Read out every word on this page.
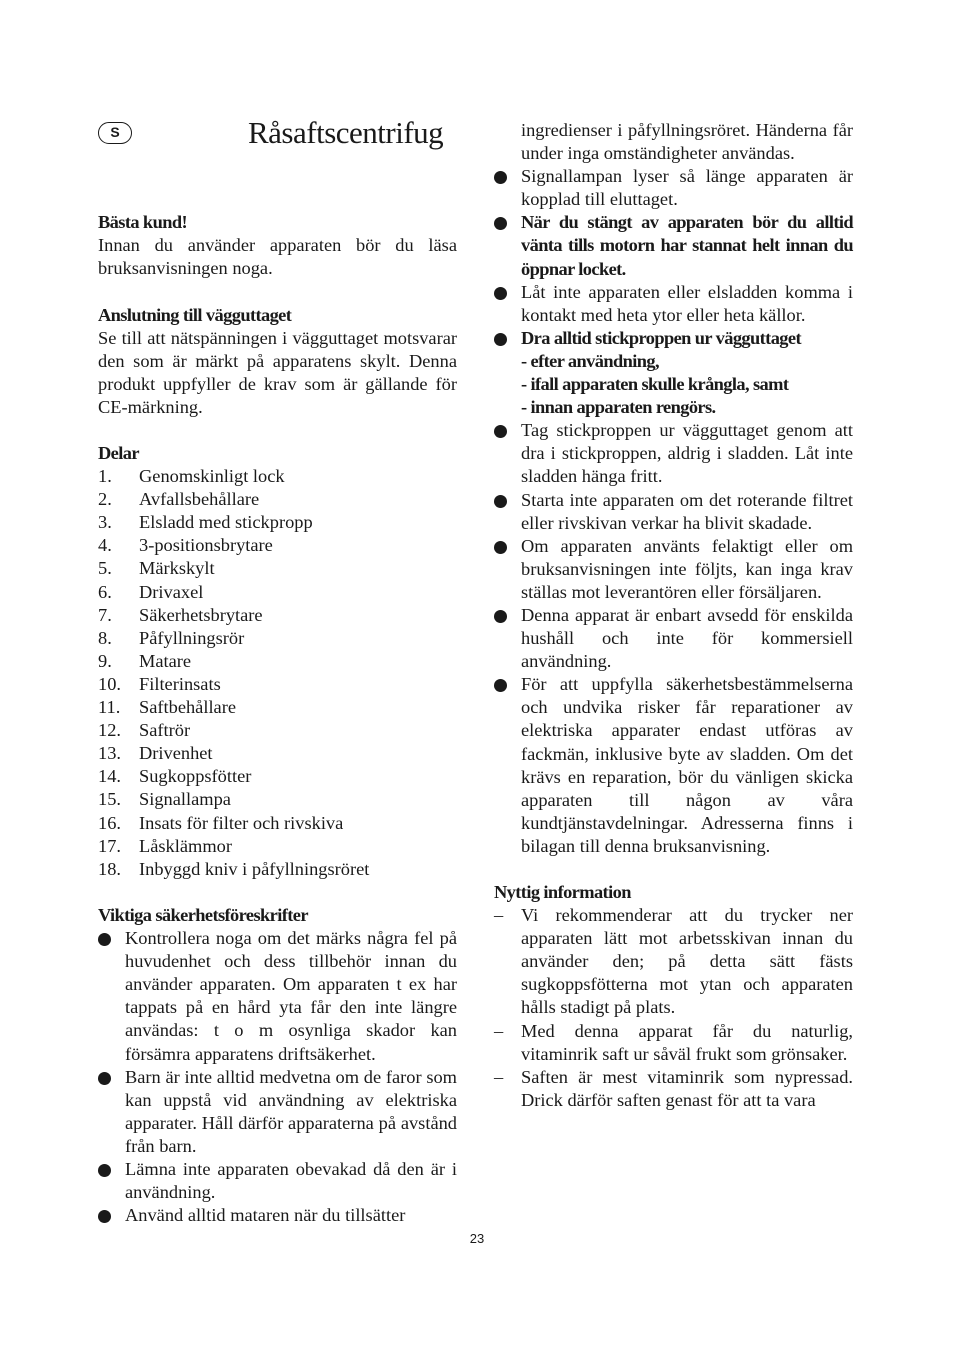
S	Råsaftscentrifug
Bästa kund!

Innan du använder apparaten bör du läsa bruksanvisningen noga.

Anslutning till vägguttaget

Se till att nätspänningen i vägguttaget motsvarar den som är märkt på apparatens skylt. Denna produkt uppfyller de krav som är gällande för CE-märkning.

Delar
1.	Genomskinligt lock
2.	Avfallsbehållare
3.	Elsladd med stickpropp
4.	3-positionsbrytare
5.	Märkskylt
6.	Drivaxel
7.	Säkerhetsbrytare
8.	Påfyllningsrör
9.	Matare
10. Filterinsats
11.	Saftbehållare
12. Saftrör
13. Drivenhet
14. Sugkoppsfötter
15. Signallampa
16. Insats för filter och rivskiva
17. Låsklämmor
18. Inbyggd kniv i påfyllningsröret
Viktiga säkerhetsföreskrifter
Kontrollera noga om det märks några fel på huvudenhet och dess tillbehör innan du använder apparaten. Om apparaten t ex har tappats på en hård yta får den inte längre användas: t o m osynliga skador kan försämra apparatens driftsäkerhet.
Barn är inte alltid medvetna om de faror som kan uppstå vid användning av elektriska apparater. Håll därför apparaterna på avstånd från barn.
Lämna inte apparaten obevakad då den är i användning.
Använd alltid mataren när du tillsätter
ingredienser i påfyllningsröret. Händerna får under inga omständigheter användas.
Signallampan lyser så länge apparaten är kopplad till eluttaget.
När du stängt av apparaten bör du alltid vänta tills motorn har stannat helt innan du öppnar locket.
Låt inte apparaten eller elsladden komma i kontakt med heta ytor eller heta källor.
Dra alltid stickproppen ur vägguttaget
- efter användning,
- ifall apparaten skulle krångla, samt
- innan apparaten rengörs.
Tag stickproppen ur vägguttaget genom att dra i stickproppen, aldrig i sladden. Låt inte sladden hänga fritt.
Starta inte apparaten om det roterande filtret eller rivskivan verkar ha blivit skadade.
Om apparaten använts felaktigt eller om bruksanvisningen inte följts, kan inga krav ställas mot leverantören eller försäljaren.
Denna apparat är enbart avsedd för enskilda hushåll och inte för kommersiell användning.
För att uppfylla säkerhetsbestämmelserna och undvika risker får reparationer av elektriska apparater endast utföras av fackmän, inklusive byte av sladden. Om det krävs en reparation, bör du vänligen skicka apparaten till någon av våra kundtjänstavdelningar. Adresserna finns i bilagan till denna bruksanvisning.
Nyttig information
– Vi rekommenderar att du trycker ner apparaten lätt mot arbetsskivan innan du använder den; på detta sätt fästs sugkoppsfötterna mot ytan och apparaten hålls stadigt på plats.
– Med denna apparat får du naturlig, vitaminrik saft ur såväl frukt som grönsaker.
– Saften är mest vitaminrik som nypressad. Drick därför saften genast för att ta vara
23
